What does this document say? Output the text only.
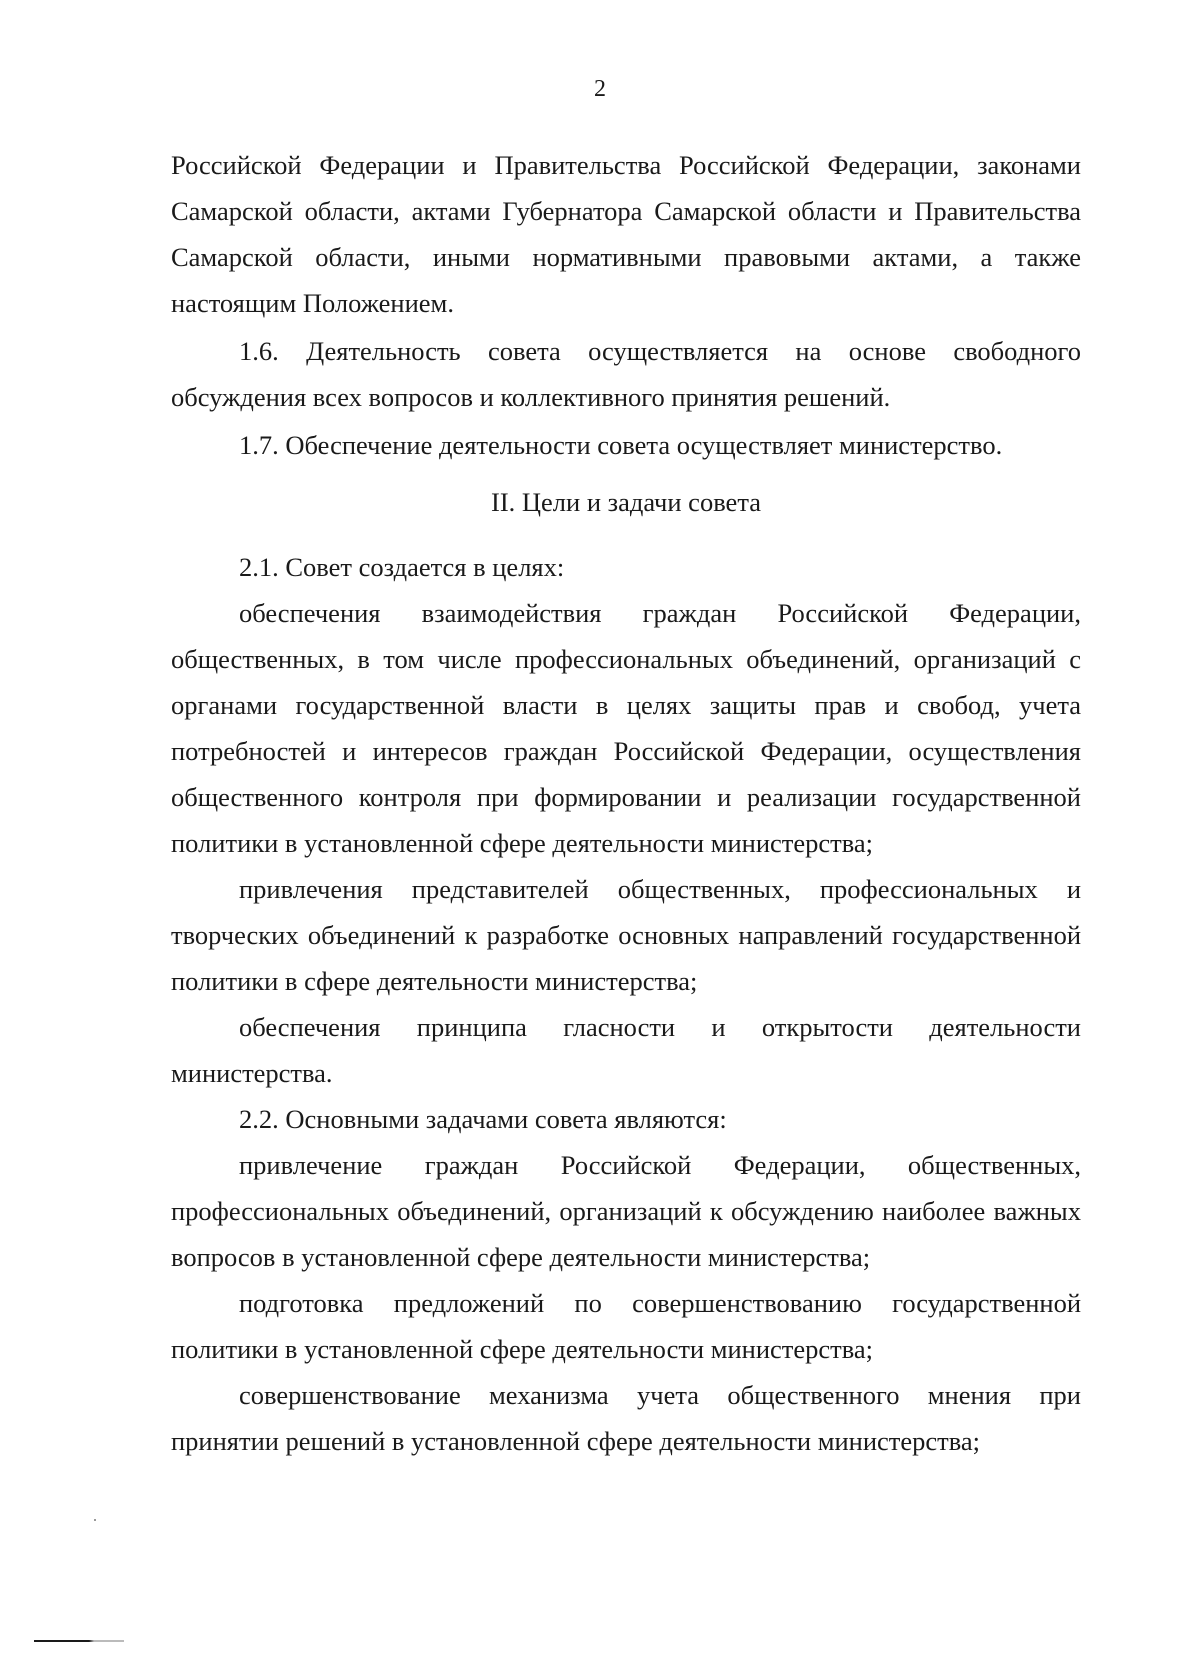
2

Российской Федерации и Правительства Российской Федерации, законами Самарской области, актами Губернатора Самарской области и Правительства Самарской области, иными нормативными правовыми актами, а также настоящим Положением.

1.6. Деятельность совета осуществляется на основе свободного обсуждения всех вопросов и коллективного принятия решений.

1.7. Обеспечение деятельности совета осуществляет министерство.

II. Цели и задачи совета

2.1. Совет создается в целях:

обеспечения взаимодействия граждан Российской Федерации, общественных, в том числе профессиональных объединений, организаций с органами государственной власти в целях защиты прав и свобод, учета потребностей и интересов граждан Российской Федерации, осуществления общественного контроля при формировании и реализации государственной политики в установленной сфере деятельности министерства;

привлечения представителей общественных, профессиональных и творческих объединений к разработке основных направлений государственной политики в сфере деятельности министерства;

обеспечения принципа гласности и открытости деятельности министерства.

2.2. Основными задачами совета являются:

привлечение граждан Российской Федерации, общественных, профессиональных объединений, организаций к обсуждению наиболее важных вопросов в установленной сфере деятельности министерства;

подготовка предложений по совершенствованию государственной политики в установленной сфере деятельности министерства;

совершенствование механизма учета общественного мнения при принятии решений в установленной сфере деятельности министерства;
